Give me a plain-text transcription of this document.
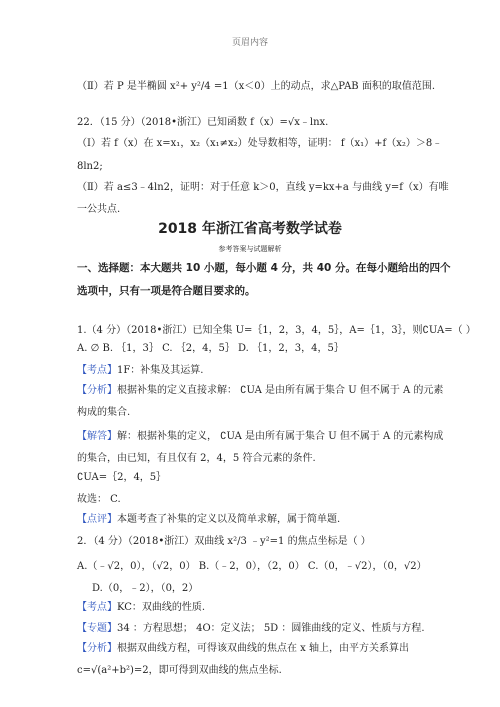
页眉内容
（Ⅱ）若 P 是半椭圆 x²+ y²/4 =1（x＜0）上的动点，求△PAB 面积的取值范围.
22．（15 分）（2018•浙江）已知函数 f（x）=√x﹣lnx.
（Ⅰ）若 f（x）在 x=x₁，x₂（x₁≠x₂）处导数相等，证明： f（x₁）+f（x₂）＞8﹣
8ln2;
（Ⅱ）若 a≤3﹣4ln2，证明：对于任意 k＞0，直线 y=kx+a 与曲线 y=f（x）有唯
一公共点.
2018 年浙江省高考数学试卷
参考答案与试题解析
一、选择题：本大题共 10 小题，每小题 4 分，共 40 分。在每小题给出的四个
选项中，只有一项是符合题目要求的。
1.（4 分）（2018•浙江）已知全集 U=｛1，2，3，4，5｝，A=｛1，3｝，则∁UA=（ ）
A. ∅ B. ｛1，3｝ C. ｛2，4，5｝ D. ｛1，2，3，4，5｝
【考点】1F：补集及其运算.
【分析】根据补集的定义直接求解： ∁UA 是由所有属于集合 U 但不属于 A 的元素
构成的集合.
【解答】解：根据补集的定义， ∁UA 是由所有属于集合 U 但不属于 A 的元素构成
的集合，由已知，有且仅有 2，4，5 符合元素的条件.
∁UA=｛2，4，5｝
故选： C.
【点评】本题考查了补集的定义以及简单求解，属于简单题.
2．（4 分）（2018•浙江）双曲线 x²/3 ﹣y²=1 的焦点坐标是（ ）
A.（﹣√2，0），（√2，0） B.（﹣2，0），（2，0） C.（0，﹣√2），（0，√2）
D.（0，﹣2），（0，2）
【考点】KC：双曲线的性质.
【专题】34 ：方程思想； 4O：定义法； 5D ：圆锥曲线的定义、性质与方程.
【分析】根据双曲线方程，可得该双曲线的焦点在 x 轴上，由平方关系算出
c=√(a²+b²)=2，即可得到双曲线的焦点坐标.
